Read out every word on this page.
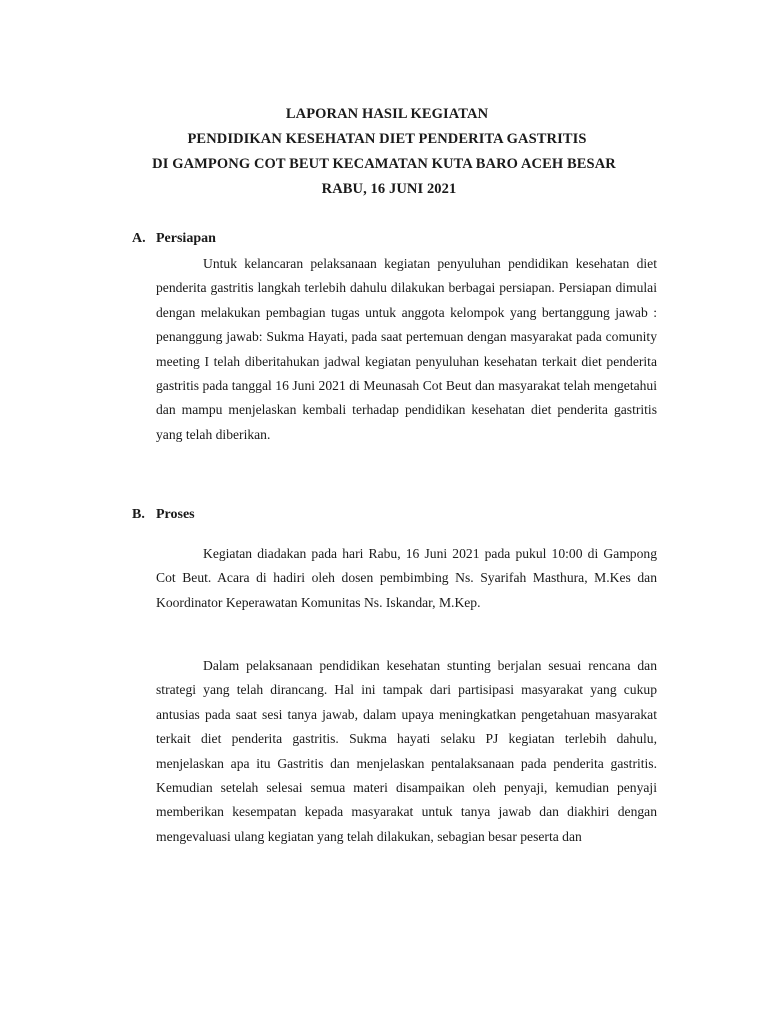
LAPORAN HASIL KEGIATAN
PENDIDIKAN KESEHATAN DIET PENDERITA GASTRITIS
DI GAMPONG COT BEUT KECAMATAN KUTA BARO ACEH BESAR
RABU, 16 JUNI 2021
A. Persiapan

Untuk kelancaran pelaksanaan kegiatan penyuluhan pendidikan kesehatan diet penderita gastritis langkah terlebih dahulu dilakukan berbagai persiapan. Persiapan dimulai dengan melakukan pembagian tugas untuk anggota kelompok yang bertanggung jawab : penanggung jawab: Sukma Hayati, pada saat pertemuan dengan masyarakat pada comunity meeting I telah diberitahukan jadwal kegiatan penyuluhan kesehatan terkait diet penderita gastritis pada tanggal 16 Juni 2021 di Meunasah Cot Beut dan masyarakat telah mengetahui dan mampu menjelaskan kembali terhadap pendidikan kesehatan diet penderita gastritis yang telah diberikan.

B. Proses

Kegiatan diadakan pada hari Rabu, 16 Juni 2021 pada pukul 10:00 di Gampong Cot Beut. Acara di hadiri oleh dosen pembimbing Ns. Syarifah Masthura, M.Kes dan Koordinator Keperawatan Komunitas Ns. Iskandar, M.Kep.

Dalam pelaksanaan pendidikan kesehatan stunting berjalan sesuai rencana dan strategi yang telah dirancang. Hal ini tampak dari partisipasi masyarakat yang cukup antusias pada saat sesi tanya jawab, dalam upaya meningkatkan pengetahuan masyarakat terkait diet penderita gastritis. Sukma hayati selaku PJ kegiatan terlebih dahulu, menjelaskan apa itu Gastritis dan menjelaskan pentalaksanaan pada penderita gastritis. Kemudian setelah selesai semua materi disampaikan oleh penyaji, kemudian penyaji memberikan kesempatan kepada masyarakat untuk tanya jawab dan diakhiri dengan mengevaluasi ulang kegiatan yang telah dilakukan, sebagian besar peserta dan
